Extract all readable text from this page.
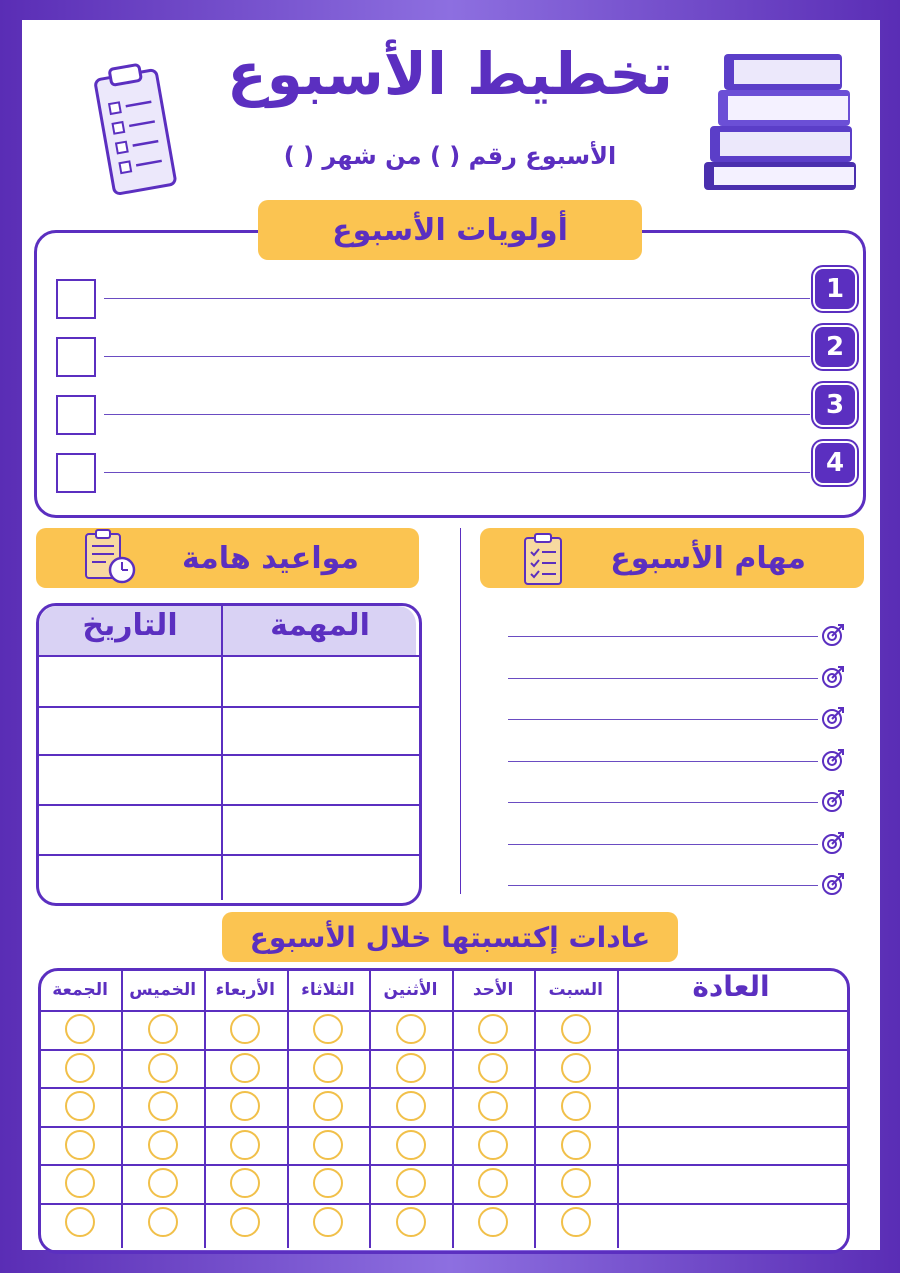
تخطيط الأسبوع
الأسبوع رقم ( ) من شهر ( )
أولويات الأسبوع
1
2
3
4
مواعيد هامة
المهمة
التاريخ
مهام الأسبوع
عادات إكتسبتها خلال الأسبوع
العادة
السبت
الأحد
الأثنين
الثلاثاء
الأربعاء
الخميس
الجمعة
